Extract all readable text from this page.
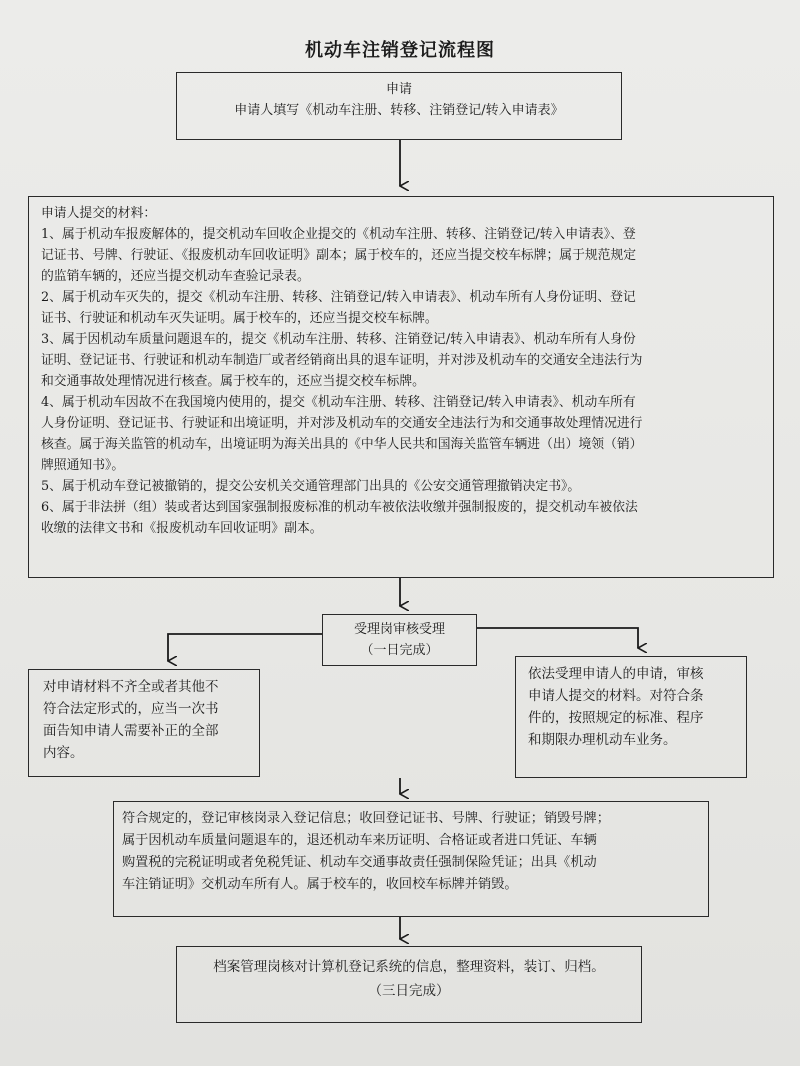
机动车注销登记流程图

申请

申请人填写《机动车注册、转移、注销登记/转入申请表》

申请人提交的材料：

1、属于机动车报废解体的，提交机动车回收企业提交的《机动车注册、转移、注销登记/转入申请表》、登

记证书、号牌、行驶证、《报废机动车回收证明》副本；属于校车的，还应当提交校车标牌；属于规范规定

的监销车辆的，还应当提交机动车查验记录表。

2、属于机动车灭失的，提交《机动车注册、转移、注销登记/转入申请表》、机动车所有人身份证明、登记

证书、行驶证和机动车灭失证明。属于校车的，还应当提交校车标牌。

3、属于因机动车质量问题退车的，提交《机动车注册、转移、注销登记/转入申请表》、机动车所有人身份

证明、登记证书、行驶证和机动车制造厂或者经销商出具的退车证明，并对涉及机动车的交通安全违法行为

和交通事故处理情况进行核查。属于校车的，还应当提交校车标牌。

4、属于机动车因故不在我国境内使用的，提交《机动车注册、转移、注销登记/转入申请表》、机动车所有

人身份证明、登记证书、行驶证和出境证明，并对涉及机动车的交通安全违法行为和交通事故处理情况进行

核查。属于海关监管的机动车，出境证明为海关出具的《中华人民共和国海关监管车辆进（出）境领（销）

牌照通知书》。

5、属于机动车登记被撤销的，提交公安机关交通管理部门出具的《公安交通管理撤销决定书》。

6、属于非法拼（组）装或者达到国家强制报废标准的机动车被依法收缴并强制报废的，提交机动车被依法

收缴的法律文书和《报废机动车回收证明》副本。

受理岗审核受理

（一日完成）

对申请材料不齐全或者其他不

符合法定形式的，应当一次书

面告知申请人需要补正的全部

内容。

依法受理申请人的申请，审核

申请人提交的材料。对符合条

件的，按照规定的标准、程序

和期限办理机动车业务。

符合规定的，登记审核岗录入登记信息；收回登记证书、号牌、行驶证；销毁号牌；

属于因机动车质量问题退车的，退还机动车来历证明、合格证或者进口凭证、车辆

购置税的完税证明或者免税凭证、机动车交通事故责任强制保险凭证；出具《机动

车注销证明》交机动车所有人。属于校车的，收回校车标牌并销毁。

档案管理岗核对计算机登记系统的信息，整理资料，装订、归档。

（三日完成）
